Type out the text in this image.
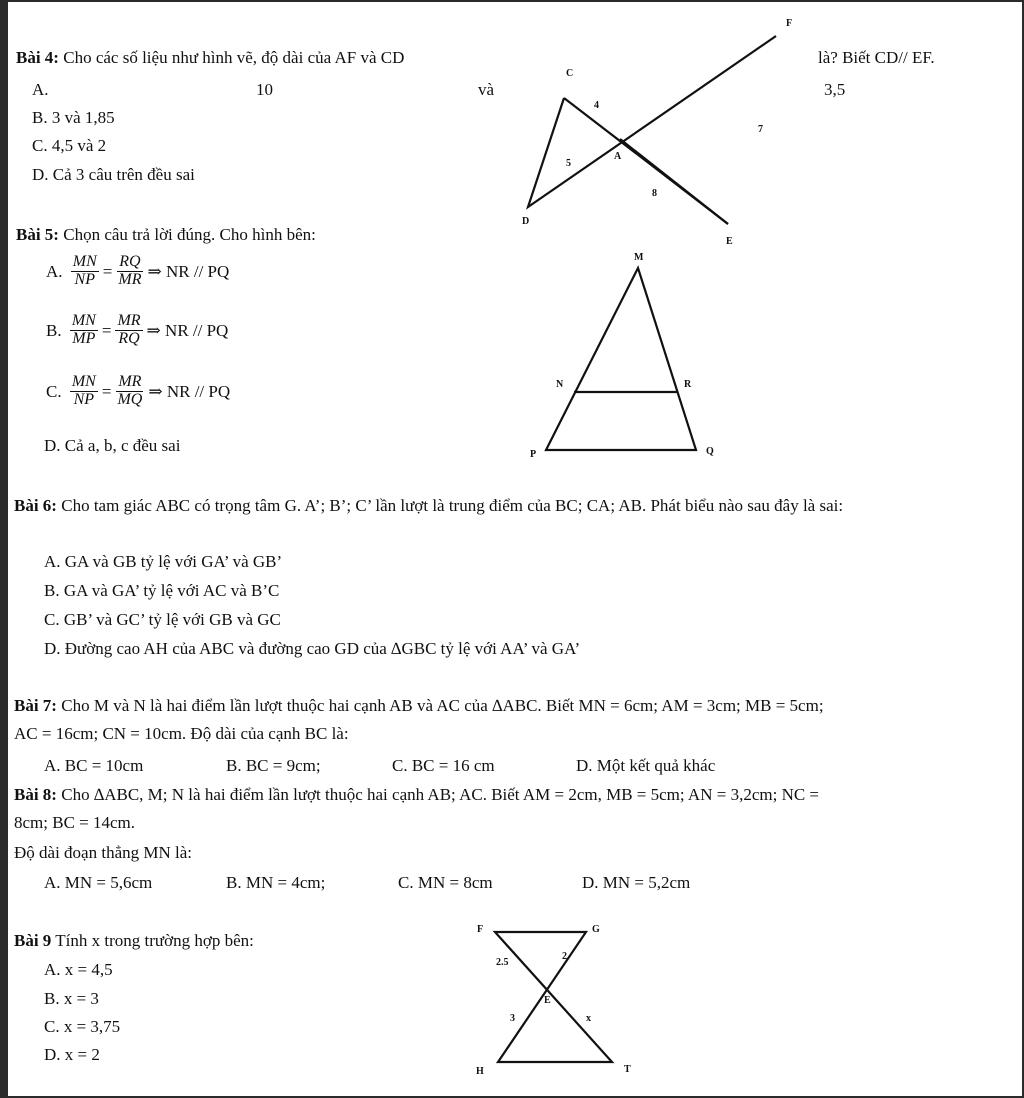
Bài 4: Cho các số liệu như hình vẽ, độ dài của AF và CD	là? Biết CD// EF.
A.	10	và	3,5
B. 3 và 1,85
C. 4,5 và 2
D. Cả 3 câu trên đều sai
F
C
4
7
A
5
8
D
E
Bài 5: Chọn câu trả lời đúng. Cho hình bên:
A. $\frac{MN}{NP} = \frac{RQ}{MR}$ ⇒ NR // PQ
B. $\frac{MN}{MP} = \frac{MR}{RQ}$ ⇒ NR // PQ
C. $\frac{MN}{NP} = \frac{MR}{MQ}$ ⇒ NR // PQ
D. Cả a, b, c đều sai
M
N	R
P	Q
Bài 6: Cho tam giác ABC có trọng tâm G. A’; B’; C’ lần lượt là trung điểm của BC; CA; AB. Phát biểu nào sau đây là sai:
A. GA và GB tỷ lệ với GA’ và GB’
B. GA và GA’ tỷ lệ với AC và B’C
C. GB’ và GC’ tỷ lệ với GB và GC
D. Đường cao AH của ABC và đường cao GD của ∆GBC tỷ lệ với AA’ và GA’
Bài 7: Cho M và N là hai điểm lần lượt thuộc hai cạnh AB và AC của ∆ABC. Biết MN = 6cm; AM = 3cm; MB = 5cm;
AC = 16cm; CN = 10cm. Độ dài của cạnh BC là:
A. BC = 10cm	B. BC = 9cm;	C. BC = 16 cm	D. Một kết quả khác
Bài 8: Cho ∆ABC, M; N là hai điểm lần lượt thuộc hai cạnh AB; AC. Biết AM = 2cm, MB = 5cm; AN = 3,2cm; NC =
8cm; BC = 14cm.
Độ dài đoạn thẳng MN là:
A. MN = 5,6cm	B. MN = 4cm;	C. MN = 8cm	D. MN = 5,2cm
Bài 9 Tính x trong trường hợp bên:
A. x = 4,5
B. x = 3
C. x = 3,75
D. x = 2
F	G
2.5
2
E
3	x
H	T
